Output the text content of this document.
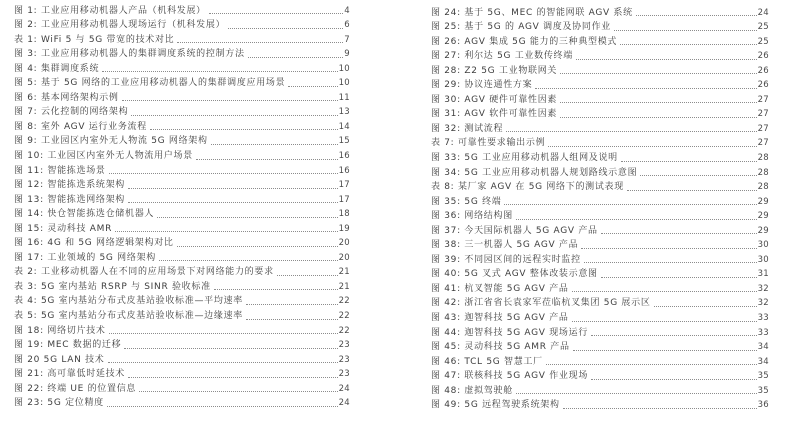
图 1: 工业应用移动机器人产品（机科发展）	4
图 2: 工业应用移动机器人现场运行（机科发展）	6
表 1: WiFi 5 与 5G 带宽的技术对比	7
图 3: 工业应用移动机器人的集群调度系统的控制方法	9
图 4: 集群调度系统	10
图 5: 基于 5G 网络的工业应用移动机器人的集群调度应用场景	10
图 6: 基本网络架构示例	11
图 7: 云化控制的网络架构	13
图 8: 室外 AGV 运行业务流程	14
图 9: 工业园区内室外无人物流 5G 网络架构	15
图 10: 工业园区内室外无人物流用户场景	16
图 11: 智能拣选场景	16
图 12: 智能拣选系统架构	17
图 13: 智能拣选网络架构	17
图 14: 快仓智能拣选仓储机器人	18
图 15: 灵动科技 AMR	19
图 16: 4G 和 5G 网络逻辑架构对比	20
图 17: 工业领域的 5G 网络架构	20
表 2: 工业移动机器人在不同的应用场景下对网络能力的要求	21
表 3: 5G 室内基站 RSRP 与 SINR 验收标准	21
表 4: 5G 室内基站分布式皮基站验收标准—平均速率	22
表 5: 5G 室内基站分布式皮基站验收标准—边缘速率	22
图 18: 网络切片技术	22
图 19: MEC 数据的迁移	23
图 20 5G LAN 技术	23
图 21: 高可靠低时延技术	23
图 22: 终端 UE 的位置信息	24
图 23: 5G 定位精度	24
图 24: 基于 5G、MEC 的智能网联 AGV 系统	24
图 25: 基于 5G 的 AGV 调度及协同作业	25
图 26: AGV 集成 5G 能力的三种典型模式	25
图 27: 利尔达 5G 工业数传终端	26
图 28: Z2 5G 工业物联网关	26
图 29: 协议连通性方案	26
图 30: AGV 硬件可靠性因素	27
图 31: AGV 软件可靠性因素	27
图 32: 测试流程	27
表 7: 可靠性要求输出示例	27
图 33: 5G 工业应用移动机器人组网及说明	28
图 34: 5G 工业应用移动机器人规划路线示意图	28
表 8: 某厂家 AGV 在 5G 网络下的测试表现	28
图 35: 5G 终端	29
图 36: 网络结构图	29
图 37: 今天国际机器人 5G AGV 产品	29
图 38: 三一机器人 5G AGV 产品	30
图 39: 不同园区间的远程实时监控	30
图 40: 5G 叉式 AGV 整体改装示意图	31
图 41: 杭叉智能 5G AGV 产品	32
图 42: 浙江省省长袁家军莅临杭叉集团 5G 展示区	32
图 43: 迦智科技 5G AGV 产品	33
图 44: 迦智科技 5G AGV 现场运行	33
图 45: 灵动科技 5G AMR 产品	34
图 46: TCL 5G 智慧工厂	34
图 47: 联核科技 5G AGV 作业现场	35
图 48: 虚拟驾驶舱	35
图 49: 5G 远程驾驶系统架构	36
